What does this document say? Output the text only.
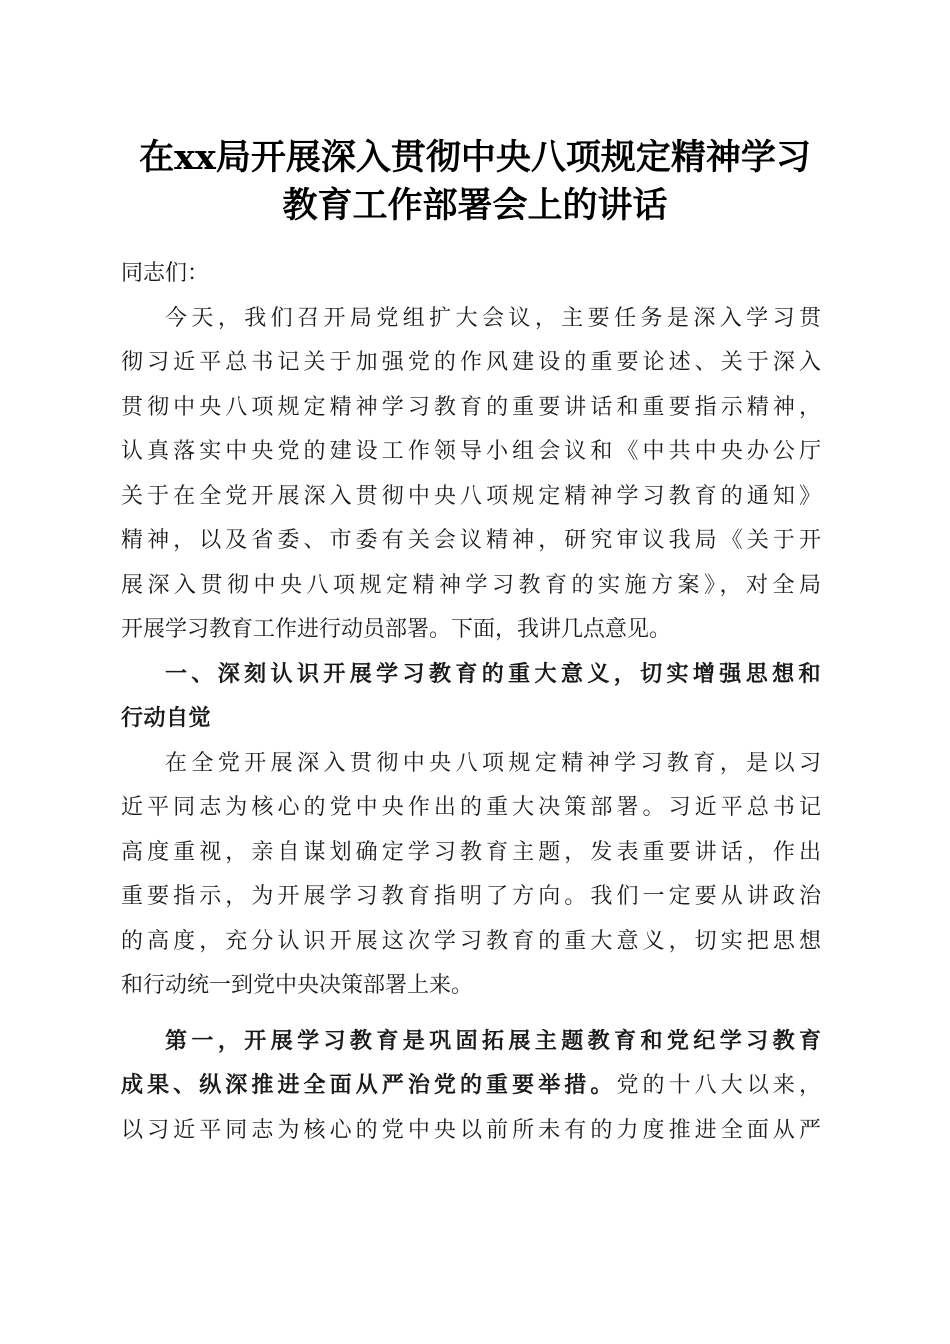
在xx局开展深入贯彻中央八项规定精神学习
教育工作部署会上的讲话
同志们：
今天，我们召开局党组扩大会议，主要任务是深入学习贯
彻习近平总书记关于加强党的作风建设的重要论述、关于深入
贯彻中央八项规定精神学习教育的重要讲话和重要指示精神，
认真落实中央党的建设工作领导小组会议和《中共中央办公厅
关于在全党开展深入贯彻中央八项规定精神学习教育的通知》
精神，以及省委、市委有关会议精神，研究审议我局《关于开
展深入贯彻中央八项规定精神学习教育的实施方案》，对全局
开展学习教育工作进行动员部署。下面，我讲几点意见。
一、深刻认识开展学习教育的重大意义，切实增强思想和
行动自觉
在全党开展深入贯彻中央八项规定精神学习教育，是以习
近平同志为核心的党中央作出的重大决策部署。习近平总书记
高度重视，亲自谋划确定学习教育主题，发表重要讲话，作出
重要指示，为开展学习教育指明了方向。我们一定要从讲政治
的高度，充分认识开展这次学习教育的重大意义，切实把思想
和行动统一到党中央决策部署上来。
第一，开展学习教育是巩固拓展主题教育和党纪学习教育
成果、纵深推进全面从严治党的重要举措。党的十八大以来，
以习近平同志为核心的党中央以前所未有的力度推进全面从严
